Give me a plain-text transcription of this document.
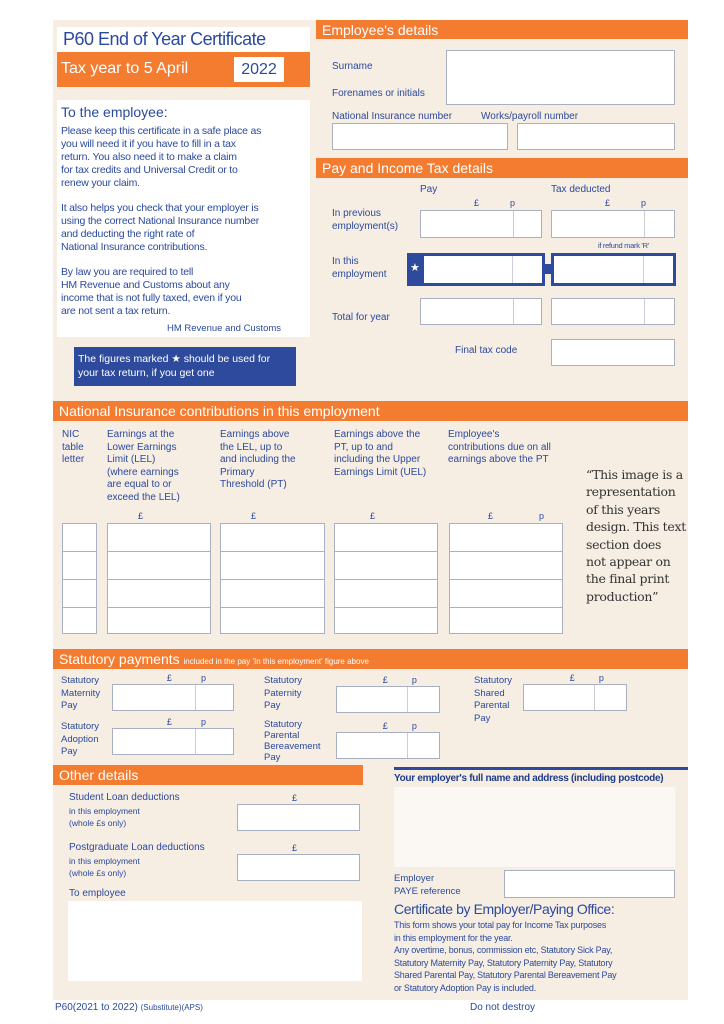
P60 End of Year Certificate
Tax year to 5 April	2022
To the employee:
Please keep this certificate in a safe place as
you will need it if you have to fill in a tax
return. You also need it to make a claim
for tax credits and Universal Credit or to
renew your claim.
It also helps you check that your employer is
using the correct National Insurance number
and deducting the right rate of
National Insurance contributions.
By law you are required to tell
HM Revenue and Customs about any
income that is not fully taxed, even if you
are not sent a tax return.
HM Revenue and Customs
The figures marked ★ should be used for
your tax return, if you get one
Employee's details
Surname
Forenames or initials
National Insurance number	Works/payroll number
Pay and Income Tax details
Pay	Tax deducted
£	p	£	p
In previous
employment(s)
if refund mark 'R'
In this
employment ★
Total for year
Final tax code
National Insurance contributions in this employment
NIC
table
letter
Earnings at the
Lower Earnings
Limit (LEL)
(where earnings
are equal to or
exceed the LEL)
Earnings above
the LEL, up to
and including the
Primary
Threshold (PT)
Earnings above the
PT, up to and
including the Upper
Earnings Limit (UEL)
Employee's
contributions due on all
earnings above the PT
£	£	£	£	p
“This image is a
representation
of this years
design. This text
section does
not appear on
the final print
production”
Statutory payments included in the pay 'In this employment' figure above
Other details
Student Loan deductions
in this employment
(whole £s only)
£
Postgraduate Loan deductions
in this employment
(whole £s only)
£
To employee
Your employer's full name and address (including postcode)
Employer
PAYE reference
Certificate by Employer/Paying Office:
This form shows your total pay for Income Tax purposes
in this employment for the year.
Any overtime, bonus, commission etc, Statutory Sick Pay,
Statutory Maternity Pay, Statutory Paternity Pay, Statutory
Shared Parental Pay, Statutory Parental Bereavement Pay
or Statutory Adoption Pay is included.
P60(2021 to 2022) (Substitute)(APS)	Do not destroy
Statutory
Maternity
Pay
£	p
Statutory
Adoption
Pay
£	p
Statutory
Paternity
Pay
£	p
Statutory
Parental
Bereavement
Pay
£	p
Statutory
Shared
Parental
Pay
£	p
